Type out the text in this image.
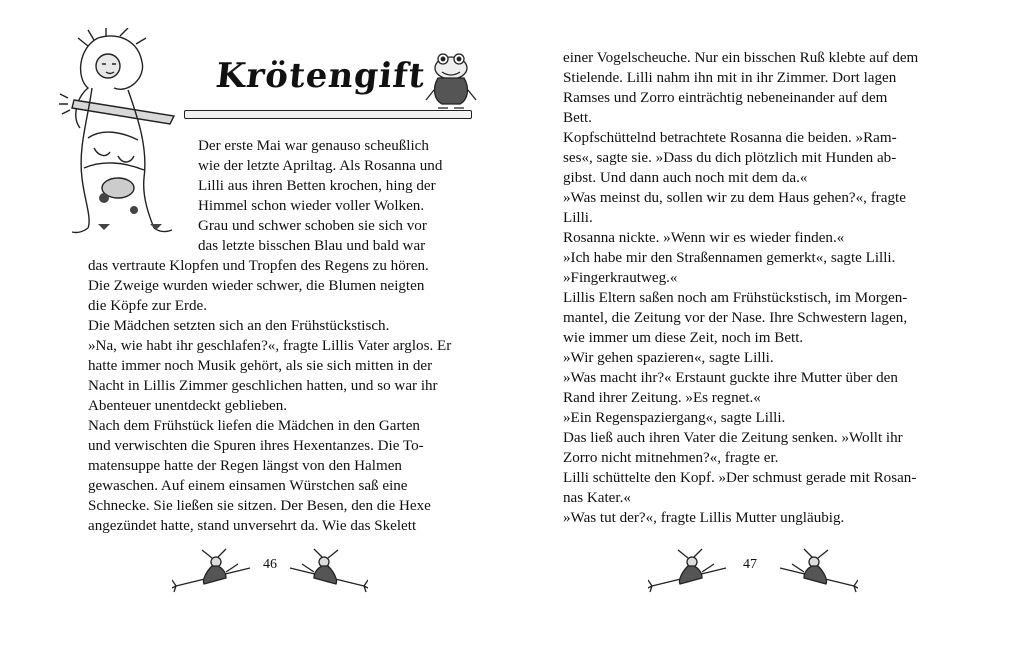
Krötengift
Der erste Mai war genauso scheußlich
wie der letzte Apriltag. Als Rosanna und
Lilli aus ihren Betten krochen, hing der
Himmel schon wieder voller Wolken.
Grau und schwer schoben sie sich vor
das letzte bisschen Blau und bald war
das vertraute Klopfen und Tropfen des Regens zu hören.
Die Zweige wurden wieder schwer, die Blumen neigten
die Köpfe zur Erde.
Die Mädchen setzten sich an den Frühstückstisch.
»Na, wie habt ihr geschlafen?«, fragte Lillis Vater arglos. Er
hatte immer noch Musik gehört, als sie sich mitten in der
Nacht in Lillis Zimmer geschlichen hatten, und so war ihr
Abenteuer unentdeckt geblieben.
Nach dem Frühstück liefen die Mädchen in den Garten
und verwischten die Spuren ihres Hexentanzes. Die To-
matensuppe hatte der Regen längst von den Halmen
gewaschen. Auf einem einsamen Würstchen saß eine
Schnecke. Sie ließen sie sitzen. Der Besen, den die Hexe
angezündet hatte, stand unversehrt da. Wie das Skelett
46
einer Vogelscheuche. Nur ein bisschen Ruß klebte auf dem
Stielende. Lilli nahm ihn mit in ihr Zimmer. Dort lagen
Ramses und Zorro einträchtig nebeneinander auf dem
Bett.
Kopfschüttelnd betrachtete Rosanna die beiden. »Ram-
ses«, sagte sie. »Dass du dich plötzlich mit Hunden ab-
gibst. Und dann auch noch mit dem da.«
»Was meinst du, sollen wir zu dem Haus gehen?«, fragte
Lilli.
Rosanna nickte. »Wenn wir es wieder finden.«
»Ich habe mir den Straßennamen gemerkt«, sagte Lilli.
»Fingerkrautweg.«
Lillis Eltern saßen noch am Frühstückstisch, im Morgen-
mantel, die Zeitung vor der Nase. Ihre Schwestern lagen,
wie immer um diese Zeit, noch im Bett.
»Wir gehen spazieren«, sagte Lilli.
»Was macht ihr?« Erstaunt guckte ihre Mutter über den
Rand ihrer Zeitung. »Es regnet.«
»Ein Regenspaziergang«, sagte Lilli.
Das ließ auch ihren Vater die Zeitung senken. »Wollt ihr
Zorro nicht mitnehmen?«, fragte er.
Lilli schüttelte den Kopf. »Der schmust gerade mit Rosan-
nas Kater.«
»Was tut der?«, fragte Lillis Mutter ungläubig.
47
